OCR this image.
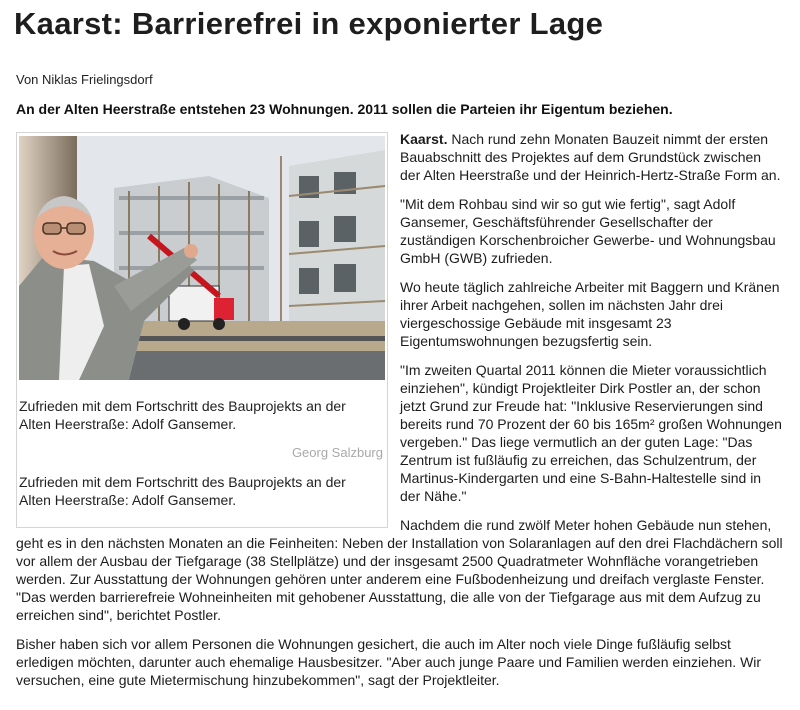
Kaarst: Barrierefrei in exponierter Lage
Von Niklas Frielingsdorf
An der Alten Heerstraße entstehen 23 Wohnungen. 2011 sollen die Parteien ihr Eigentum beziehen.

Kaarst. Nach rund zehn Monaten Bauzeit nimmt der ersten Bauabschnitt des Projektes auf dem Grundstück zwischen der Alten Heerstraße und der Heinrich-Hertz-Straße Form an.

"Mit dem Rohbau sind wir so gut wie fertig", sagt Adolf Gansemer, Geschäftsführender Gesellschafter der zuständigen Korschenbroicher Gewerbe- und Wohnungsbau GmbH (GWB) zufrieden.

Wo heute täglich zahlreiche Arbeiter mit Baggern und Kränen ihrer Arbeit nachgehen, sollen im nächsten Jahr drei viergeschossige Gebäude mit insgesamt 23 Eigentumswohnungen bezugsfertig sein.

"Im zweiten Quartal 2011 können die Mieter voraussichtlich einziehen", kündigt Projektleiter Dirk Postler an, der schon jetzt Grund zur Freude hat: "Inklusive Reservierungen sind bereits rund 70 Prozent der 60 bis 165m² großen Wohnungen vergeben." Das liege vermutlich an der guten Lage: "Das Zentrum ist fußläufig zu erreichen, das Schulzentrum, der Martinus-Kindergarten und eine S-Bahn-Haltestelle sind in der Nähe."

Nachdem die rund zwölf Meter hohen Gebäude nun stehen, geht es in den nächsten Monaten an die Feinheiten: Neben der Installation von Solaranlagen auf den drei Flachdächern soll vor allem der Ausbau der Tiefgarage (38 Stellplätze) und der insgesamt 2500 Quadratmeter Wohnfläche vorangetrieben werden. Zur Ausstattung der Wohnungen gehören unter anderem eine Fußbodenheizung und dreifach verglaste Fenster. "Das werden barrierefreie Wohneinheiten mit gehobener Ausstattung, die alle von der Tiefgarage aus mit dem Aufzug zu erreichen sind", berichtet Postler.

Bisher haben sich vor allem Personen die Wohnungen gesichert, die auch im Alter noch viele Dinge fußläufig selbst erledigen möchten, darunter auch ehemalige Hausbesitzer. "Aber auch junge Paare und Familien werden einziehen. Wir versuchen, eine gute Mietermischung hinzubekommen", sagt der Projektleiter.

Zufrieden mit dem Fortschritt des Bauprojekts an der Alten Heerstraße: Adolf Gansemer.
Georg Salzburg
Zufrieden mit dem Fortschritt des Bauprojekts an der Alten Heerstraße: Adolf Gansemer.
